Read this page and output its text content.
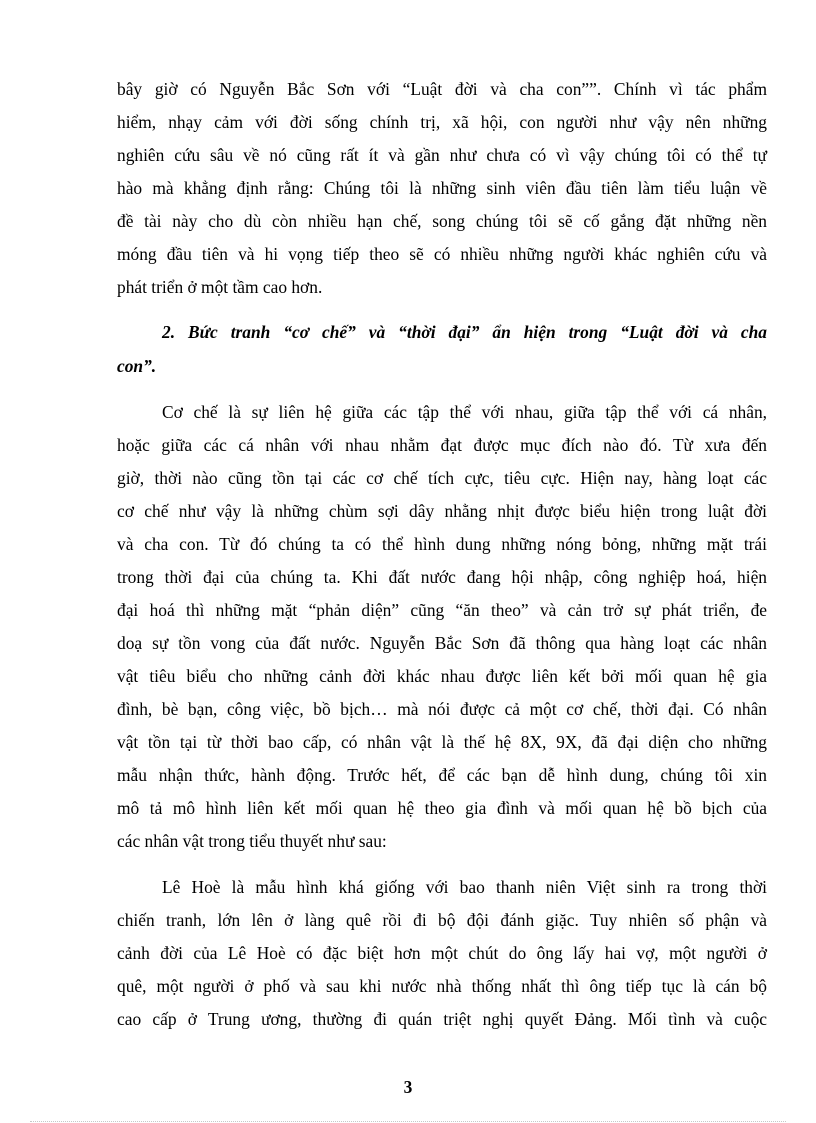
bây giờ có Nguyễn Bắc Sơn với “Luật đời và cha con””. Chính vì tác phẩm
hiểm, nhạy cảm với đời sống chính trị, xã hội, con người như vậy nên những
nghiên cứu sâu về nó cũng rất ít và gần như chưa có vì vậy chúng tôi có thể tự
hào mà khẳng định rằng: Chúng tôi là những sinh viên đầu tiên làm tiểu luận về
đề tài này cho dù còn nhiều hạn chế, song chúng tôi sẽ cố gắng đặt những nền
móng đầu tiên và hi vọng tiếp theo sẽ có nhiều những người khác nghiên cứu và
phát triển ở một tầm cao hơn.
2. Bức tranh “cơ chế” và “thời đại” ẩn hiện trong “Luật đời và cha
con”.
Cơ chế là sự liên hệ giữa các tập thể với nhau, giữa tập thể với cá nhân,
hoặc giữa các cá nhân với nhau nhằm đạt được mục đích nào đó. Từ xưa đến
giờ, thời nào cũng tồn tại các cơ chế tích cực, tiêu cực. Hiện nay, hàng loạt các
cơ chế như vậy là những chùm sợi dây nhằng nhịt được biểu hiện trong luật đời
và cha con. Từ đó chúng ta có thể hình dung những nóng bỏng, những mặt trái
trong thời đại của chúng ta. Khi đất nước đang hội nhập, công nghiệp hoá, hiện
đại hoá thì những mặt “phản diện” cũng “ăn theo” và cản trở sự phát triển, đe
doạ sự tồn vong của đất nước. Nguyễn Bắc Sơn đã thông qua hàng loạt các nhân
vật tiêu biểu cho những cảnh đời khác nhau được liên kết bởi mối quan hệ gia
đình, bè bạn, công việc, bồ bịch… mà nói được cả một cơ chế, thời đại. Có nhân
vật tồn tại từ thời bao cấp, có nhân vật là thế hệ 8X, 9X, đã đại diện cho những
mẫu nhận thức, hành động. Trước hết, để các bạn dễ hình dung, chúng tôi xin
mô tả mô hình liên kết mối quan hệ theo gia đình và mối quan hệ bồ bịch của
các nhân vật trong tiểu thuyết như sau:
Lê Hoè là mẫu hình khá giống với bao thanh niên Việt sinh ra trong thời
chiến tranh, lớn lên ở làng quê rồi đi bộ đội đánh giặc. Tuy nhiên số phận và
cảnh đời của Lê Hoè có đặc biệt hơn một chút do ông lấy hai vợ, một người ở
quê, một người ở phố và sau khi nước nhà thống nhất thì ông tiếp tục là cán bộ
cao cấp ở Trung ương, thường đi quán triệt nghị quyết Đảng. Mối tình và cuộc
3
